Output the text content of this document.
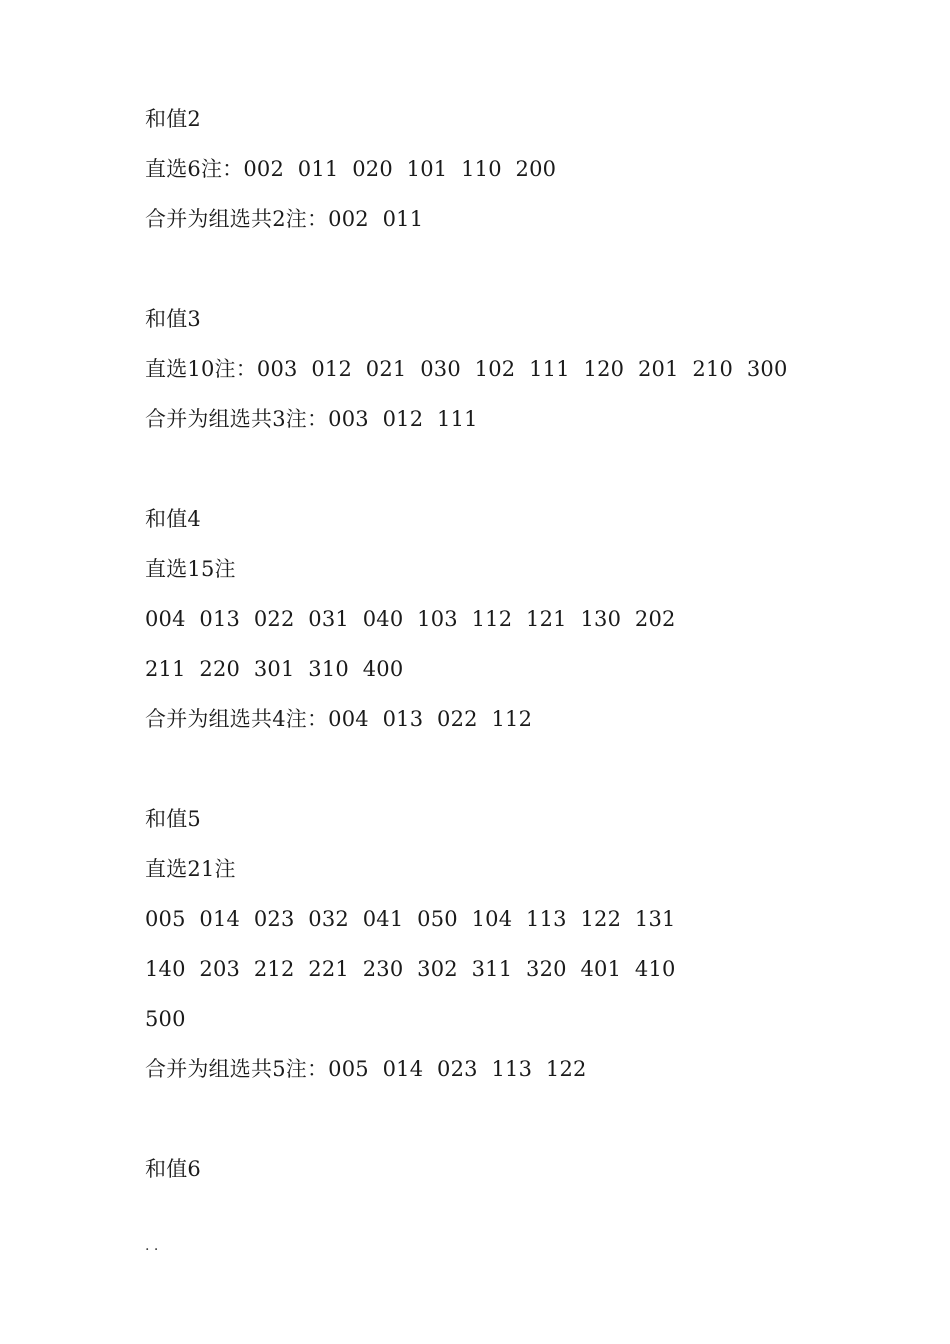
和值2
直选6注：002  011  020  101  110  200
合并为组选共2注：002  011
和值3
直选10注：003  012  021  030  102  111  120  201  210  300
合并为组选共3注：003  012  111
和值4
直选15注
004  013  022  031  040  103  112  121  130  202
211  220  301  310  400
合并为组选共4注：004  013  022  112
和值5
直选21注
005  014  023  032  041  050  104  113  122  131
140  203  212  221  230  302  311  320  401  410
500
合并为组选共5注：005  014  023  113  122
和值6
. .
